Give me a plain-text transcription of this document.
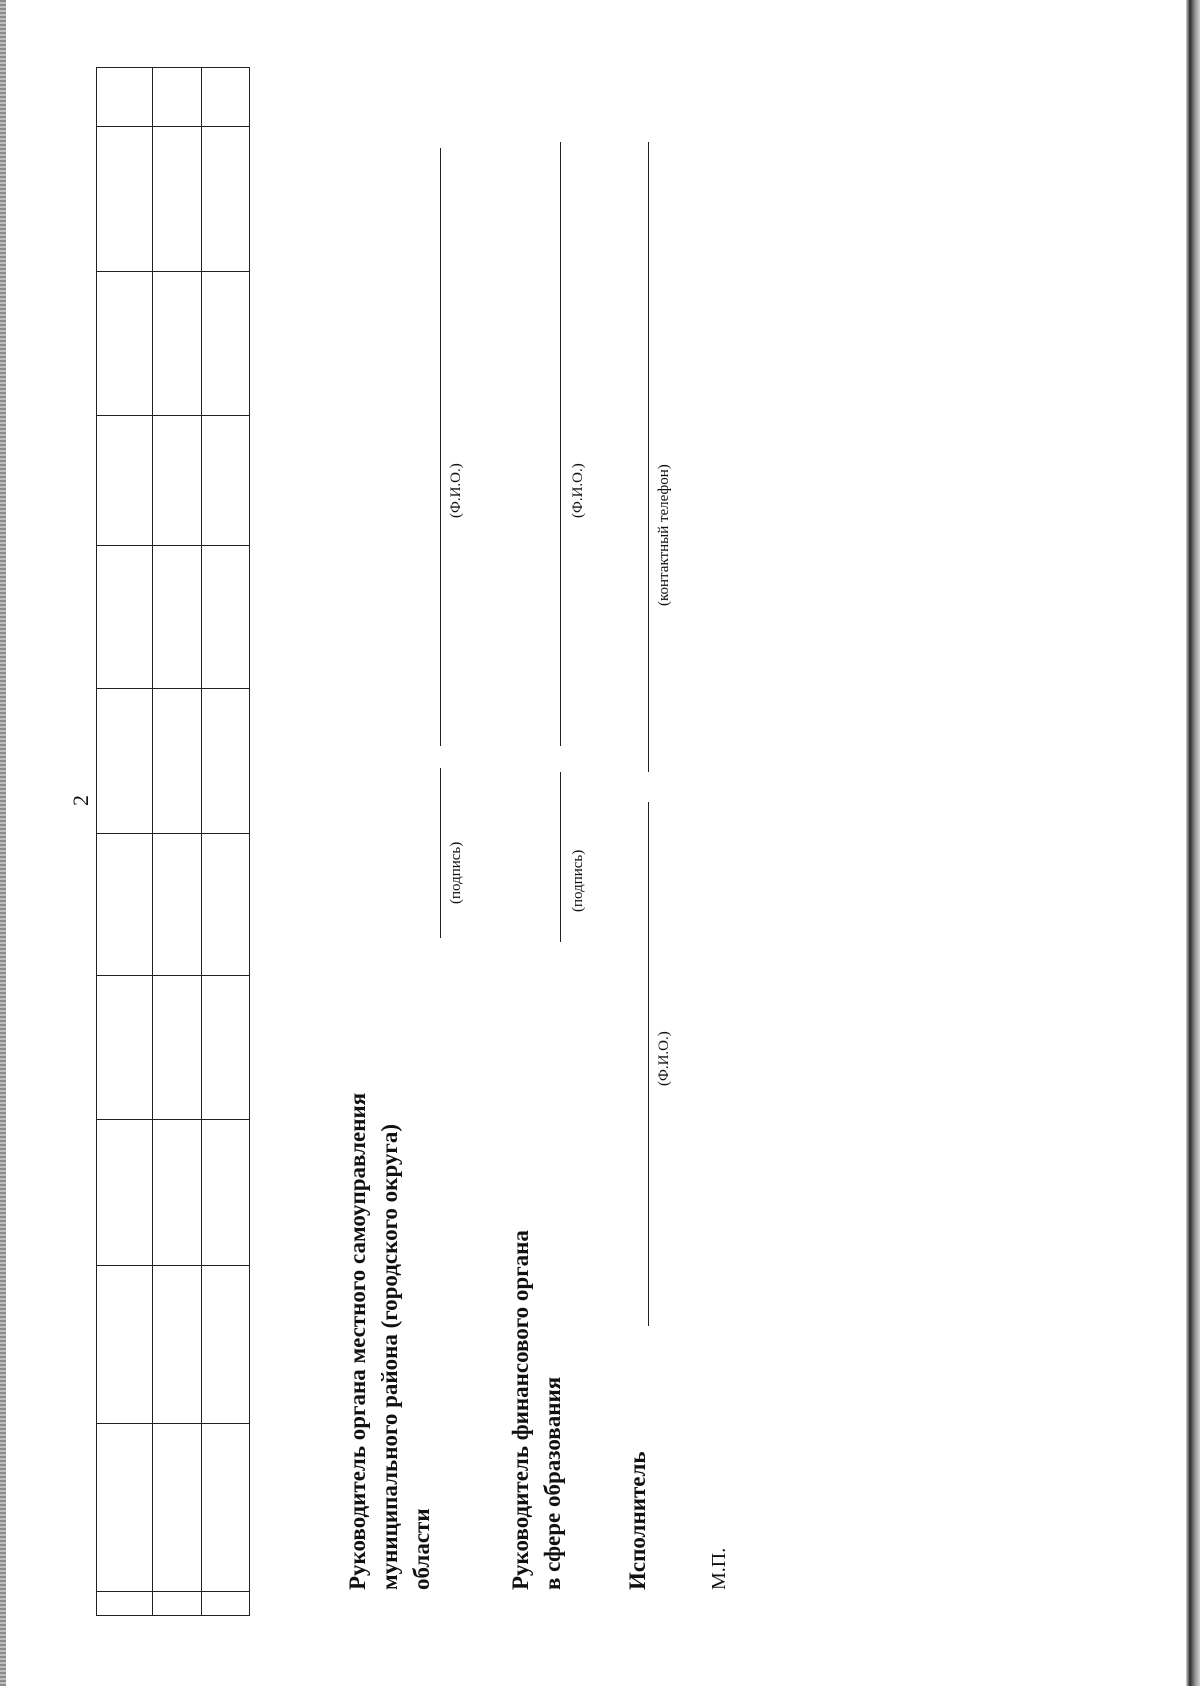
2

Руководитель органа местного самоуправления муниципального района (городского округа) области
(подпись)
(Ф.И.О.)
Руководитель финансового органа в сфере образования
(подпись)
(Ф.И.О.)
Исполнитель
(Ф.И.О.)
(контактный телефон)
М.П.
